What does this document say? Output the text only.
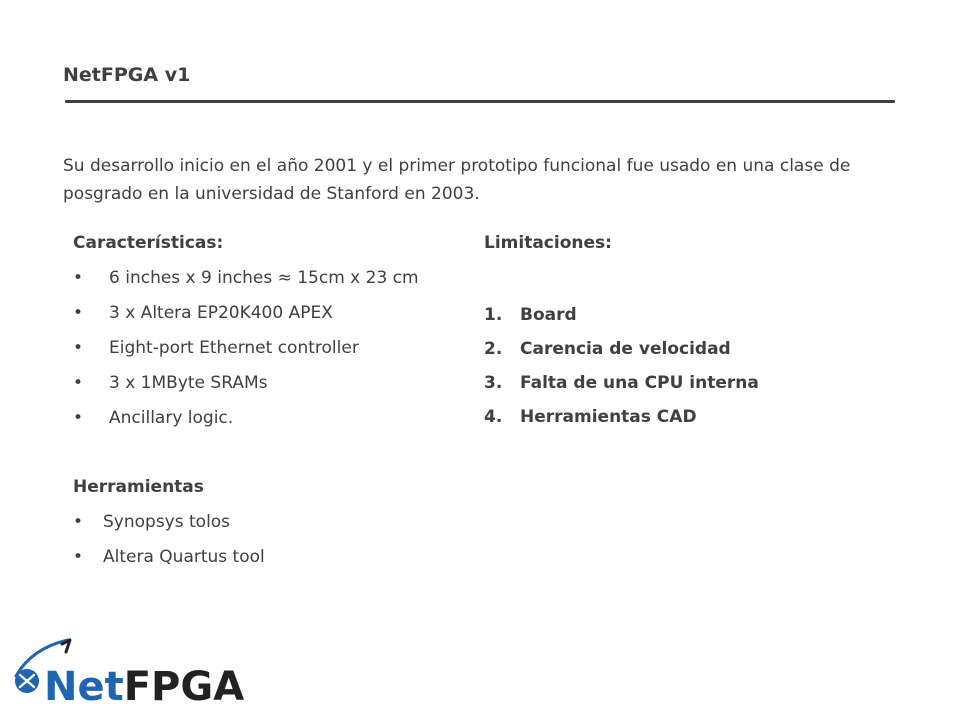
NetFPGA v1
Su desarrollo inicio en el año 2001 y el primer prototipo funcional fue usado en una clase de posgrado en la universidad de Stanford en 2003.
Características:
• 6 inches x 9 inches ≈ 15cm x 23 cm
• 3 x Altera EP20K400 APEX
• Eight-port Ethernet controller
• 3 x 1MByte SRAMs
• Ancillary logic.
Herramientas
• Synopsys tolos
• Altera Quartus tool
Limitaciones:
1. Board
2. Carencia de velocidad
3. Falta de una CPU interna
4. Herramientas CAD
NetFPGA
